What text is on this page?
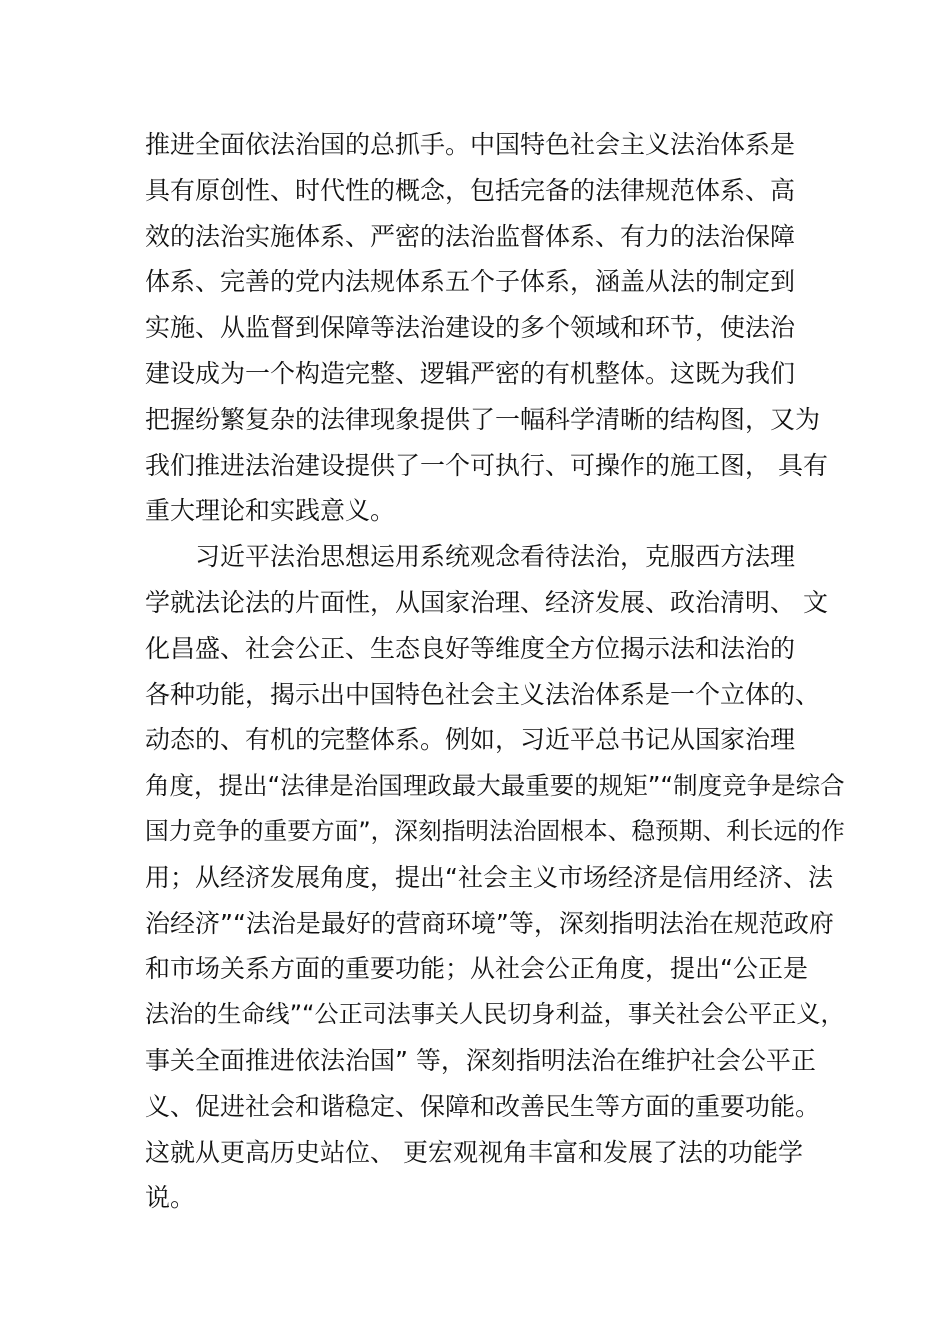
推进全面依法治国的总抓手。中国特色社会主义法治体系是
具有原创性、时代性的概念，包括完备的法律规范体系、高
效的法治实施体系、严密的法治监督体系、有力的法治保障
体系、完善的党内法规体系五个子体系，涵盖从法的制定到
实施、从监督到保障等法治建设的多个领域和环节，使法治
建设成为一个构造完整、逻辑严密的有机整体。这既为我们
把握纷繁复杂的法律现象提供了一幅科学清晰的结构图，又为
我们推进法治建设提供了一个可执行、可操作的施工图， 具有
重大理论和实践意义。
习近平法治思想运用系统观念看待法治，克服西方法理
学就法论法的片面性，从国家治理、经济发展、政治清明、 文
化昌盛、社会公正、生态良好等维度全方位揭示法和法治的
各种功能，揭示出中国特色社会主义法治体系是一个立体的、
动态的、有机的完整体系。例如，习近平总书记从国家治理
角度，提出“法律是治国理政最大最重要的规矩”“制度竞争是综合
国力竞争的重要方面”，深刻指明法治固根本、稳预期、利长远的作
用；从经济发展角度，提出“社会主义市场经济是信用经济、法
治经济”“法治是最好的营商环境”等，深刻指明法治在规范政府
和市场关系方面的重要功能；从社会公正角度，提出“公正是
法治的生命线”“公正司法事关人民切身利益，事关社会公平正义，
事关全面推进依法治国” 等，深刻指明法治在维护社会公平正
义、促进社会和谐稳定、保障和改善民生等方面的重要功能。
这就从更高历史站位、 更宏观视角丰富和发展了法的功能学
说。
